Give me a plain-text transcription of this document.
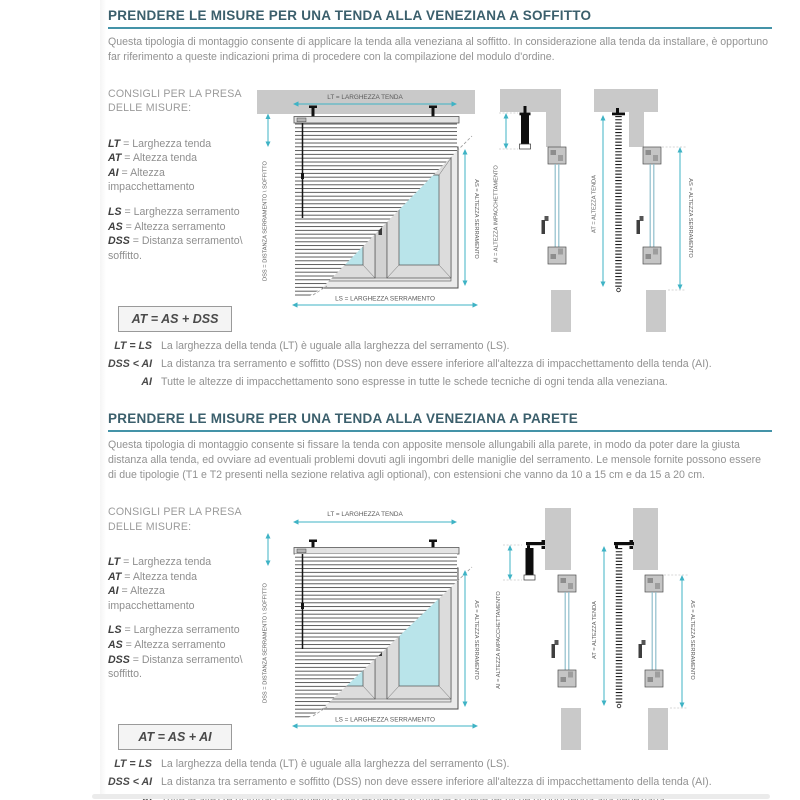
PRENDERE LE MISURE PER UNA TENDA ALLA VENEZIANA A SOFFITTO

Questa tipologia di montaggio consente di applicare la tenda alla veneziana al soffitto. In considerazione alla tenda da installare, è opportuno far riferimento a queste indicazioni prima di procedere con la compilazione del modulo d'ordine.

CONSIGLI PER LA PRESA
DELLE MISURE:
LT = Larghezza tenda
AT = Altezza tenda
AI = Altezza impacchettamento
LS = Larghezza serramento
AS = Altezza serramento
DSS = Distanza serramento\ soffitto.
AT = AS + DSS
LT = LARGHEZZA TENDA
DSS = DISTANZA SERRAMENTO \ SOFFITTO	AS = ALTEZZA SERRAMENTO
LS = LARGHEZZA SERRAMENTO
AI = ALTEZZA IMPACCHETTAMENTO	AT = ALTEZZA TENDA	AS = ALTEZZA SERRAMENTO
LT = LS La larghezza della tenda (LT) è uguale alla larghezza del serramento (LS).
DSS < AI La distanza tra serramento e soffitto (DSS) non deve essere inferiore all'altezza di impacchettamento della tenda (AI).
AI Tutte le altezze di impacchettamento sono espresse in tutte le schede tecniche di ogni tenda alla veneziana.
PRENDERE LE MISURE PER UNA TENDA ALLA VENEZIANA A PARETE

Questa tipologia di montaggio consente si fissare la tenda con apposite mensole allungabili alla parete, in modo da poter dare la giusta distanza alla tenda, ed ovviare ad eventuali problemi dovuti agli ingombri delle maniglie del serramento. Le mensole fornite possono essere di due tipologie (T1 e T2 presenti nella sezione relativa agli optional), con estensioni che vanno da 10 a 15 cm e da 15 a 20 cm.

CONSIGLI PER LA PRESA
DELLE MISURE:
LT = Larghezza tenda
AT = Altezza tenda
AI = Altezza impacchettamento
LS = Larghezza serramento
AS = Altezza serramento
DSS = Distanza serramento\ soffitto.
AT = AS + AI
LT = LARGHEZZA TENDA
DSS = DISTANZA SERRAMENTO \ SOFFITTO	AS = ALTEZZA SERRAMENTO
LS = LARGHEZZA SERRAMENTO
AI = ALTEZZA IMPACCHETTAMENTO	AT = ALTEZZA TENDA	AS = ALTEZZA SERRAMENTO
LT = LS La larghezza della tenda (LT) è uguale alla larghezza del serramento (LS).
DSS < AI La distanza tra serramento e soffitto (DSS) non deve essere inferiore all'altezza di impacchettamento della tenda (AI).
